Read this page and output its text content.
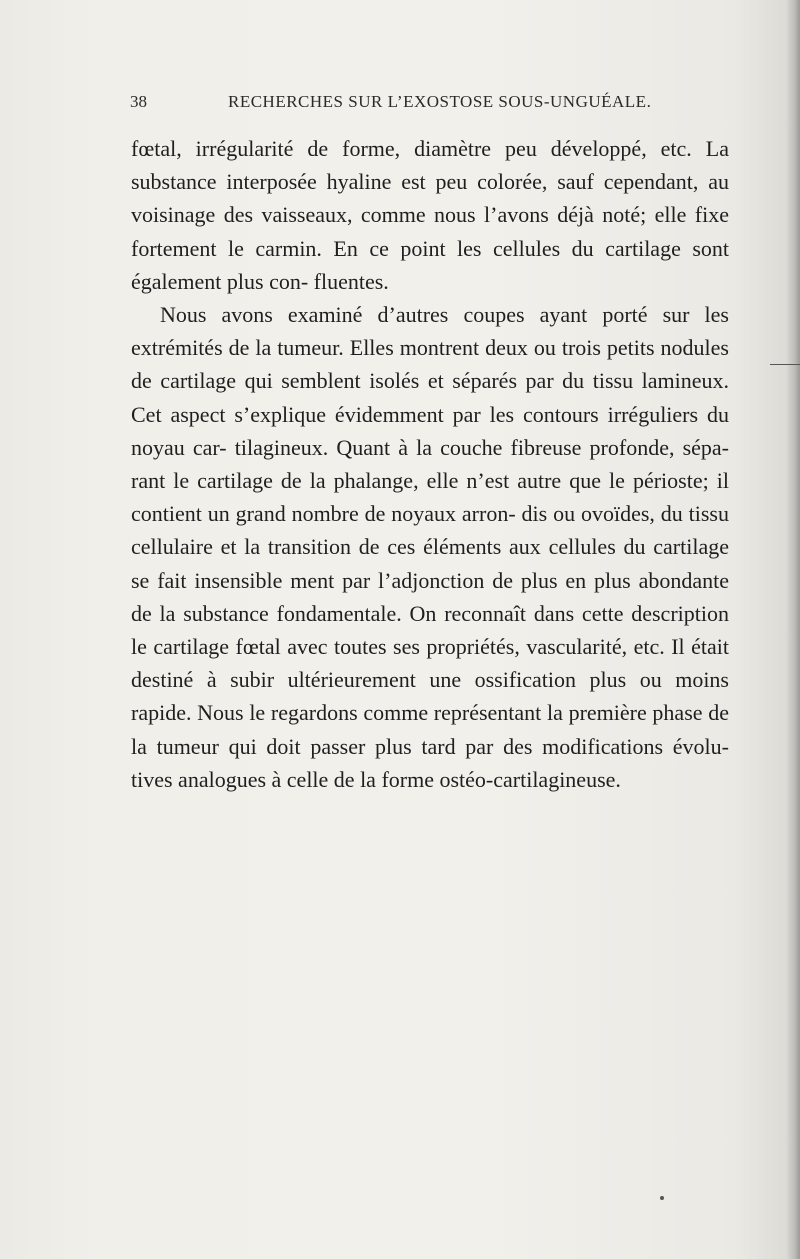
38	RECHERCHES SUR L’EXOSTOSE SOUS-UNGUÉALE.

fœtal, irrégularité de forme, diamètre peu développé, etc. La substance interposée hyaline est peu colorée, sauf cependant, au voisinage des vaisseaux, comme nous l’avons déjà noté; elle fixe fortement le carmin. En ce point les cellules du cartilage sont également plus con- fluentes.

Nous avons examiné d’autres coupes ayant porté sur les extrémités de la tumeur. Elles montrent deux ou trois petits nodules de cartilage qui semblent isolés et séparés par du tissu lamineux. Cet aspect s’explique évidemment par les contours irréguliers du noyau car- tilagineux. Quant à la couche fibreuse profonde, sépa- rant le cartilage de la phalange, elle n’est autre que le périoste; il contient un grand nombre de noyaux arron- dis ou ovoïdes, du tissu cellulaire et la transition de ces éléments aux cellules du cartilage se fait insensible ment par l’adjonction de plus en plus abondante de la substance fondamentale. On reconnaît dans cette description le cartilage fœtal avec toutes ses propriétés, vascularité, etc. Il était destiné à subir ultérieurement une ossification plus ou moins rapide. Nous le regardons comme représentant la première phase de la tumeur qui doit passer plus tard par des modifications évolu- tives analogues à celle de la forme ostéo-cartilagineuse.
